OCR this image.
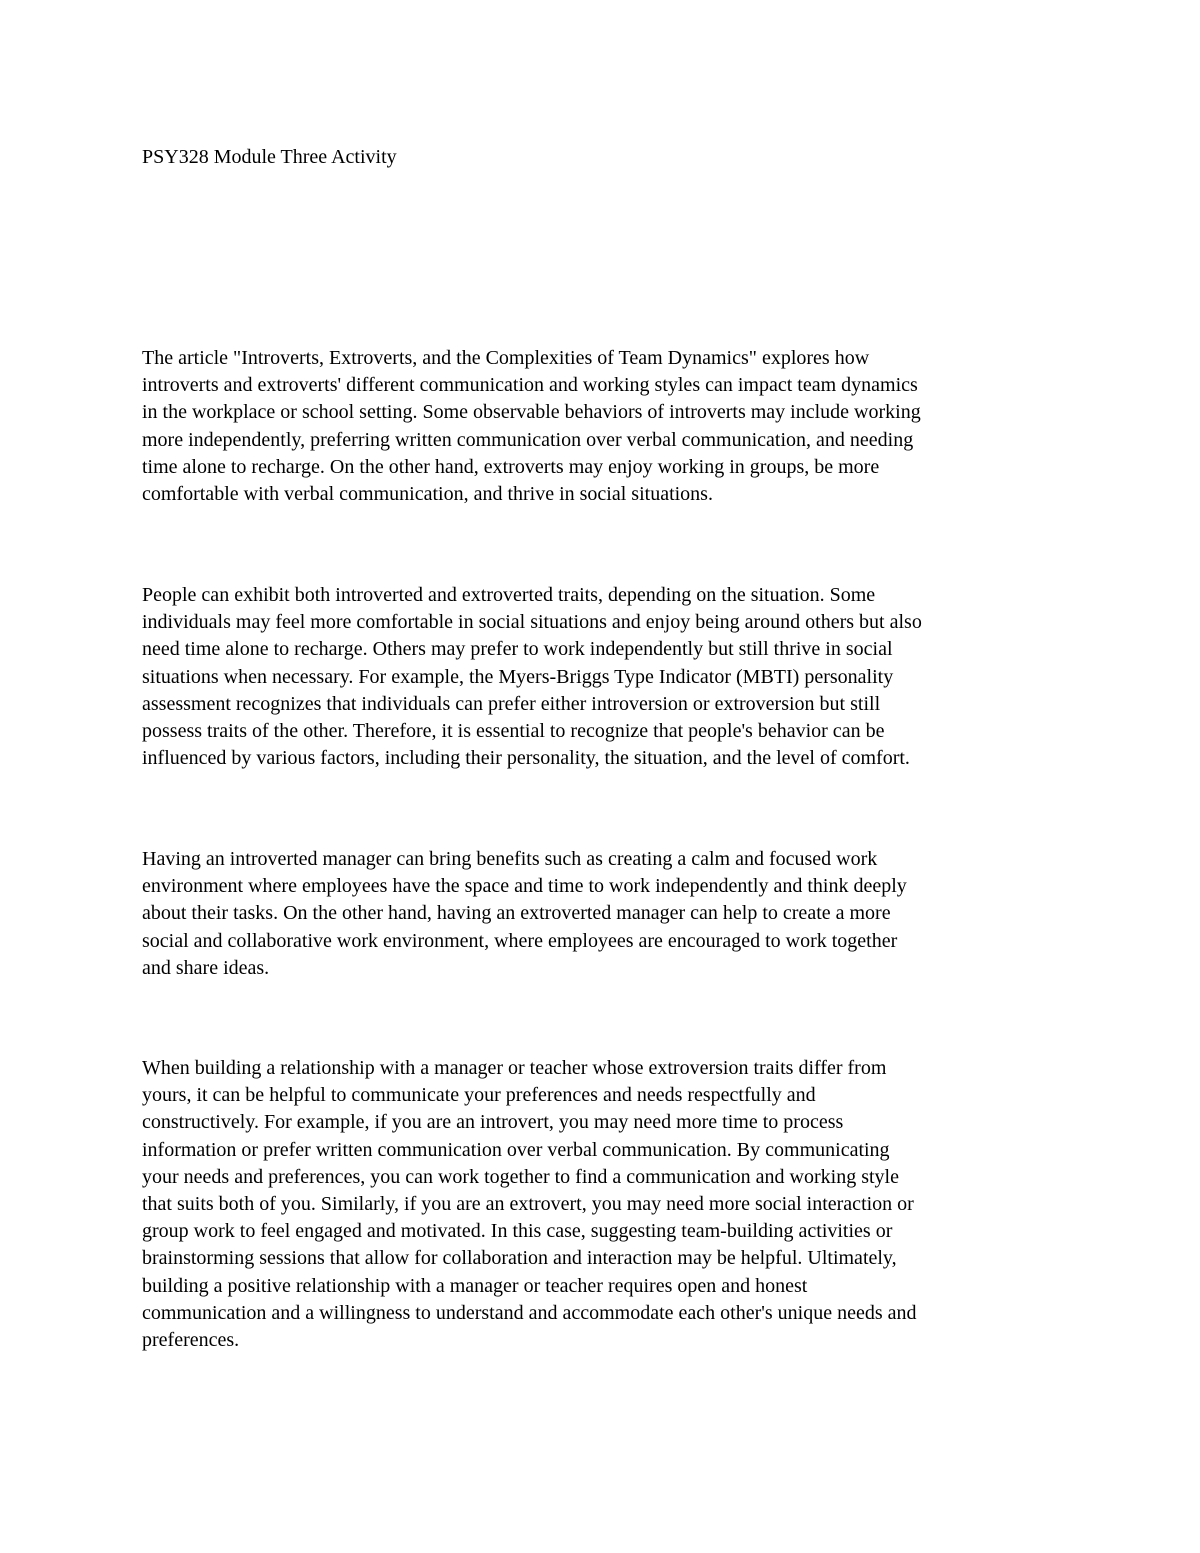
PSY328 Module Three Activity

The article "Introverts, Extroverts, and the Complexities of Team Dynamics" explores how
introverts and extroverts' different communication and working styles can impact team dynamics
in the workplace or school setting. Some observable behaviors of introverts may include working
more independently, preferring written communication over verbal communication, and needing
time alone to recharge. On the other hand, extroverts may enjoy working in groups, be more
comfortable with verbal communication, and thrive in social situations.

People can exhibit both introverted and extroverted traits, depending on the situation. Some
individuals may feel more comfortable in social situations and enjoy being around others but also
need time alone to recharge. Others may prefer to work independently but still thrive in social
situations when necessary. For example, the Myers-Briggs Type Indicator (MBTI) personality
assessment recognizes that individuals can prefer either introversion or extroversion but still
possess traits of the other. Therefore, it is essential to recognize that people's behavior can be
influenced by various factors, including their personality, the situation, and the level of comfort.

Having an introverted manager can bring benefits such as creating a calm and focused work
environment where employees have the space and time to work independently and think deeply
about their tasks. On the other hand, having an extroverted manager can help to create a more
social and collaborative work environment, where employees are encouraged to work together
and share ideas.

When building a relationship with a manager or teacher whose extroversion traits differ from
yours, it can be helpful to communicate your preferences and needs respectfully and
constructively. For example, if you are an introvert, you may need more time to process
information or prefer written communication over verbal communication. By communicating
your needs and preferences, you can work together to find a communication and working style
that suits both of you. Similarly, if you are an extrovert, you may need more social interaction or
group work to feel engaged and motivated. In this case, suggesting team-building activities or
brainstorming sessions that allow for collaboration and interaction may be helpful. Ultimately,
building a positive relationship with a manager or teacher requires open and honest
communication and a willingness to understand and accommodate each other's unique needs and
preferences.
